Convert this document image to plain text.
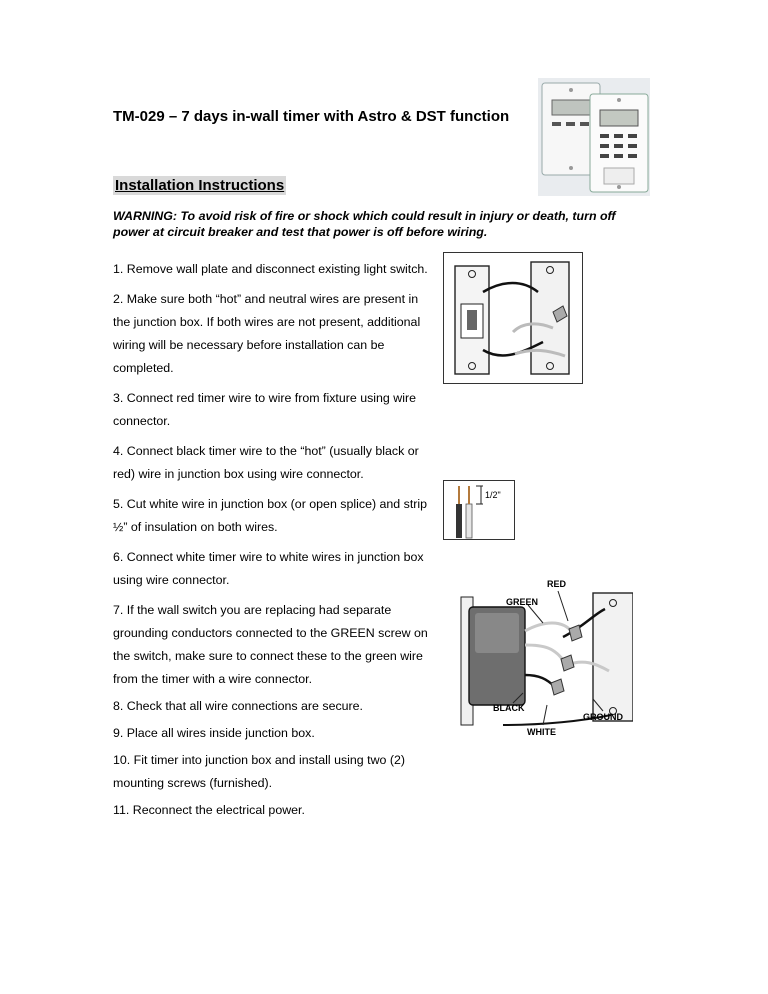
TM-029 – 7 days in-wall timer with Astro & DST function
Installation Instructions
WARNING: To avoid risk of fire or shock which could result in injury or death, turn off power at circuit breaker and test that power is off before wiring.
1. Remove wall plate and disconnect existing light switch.
2. Make sure both “hot” and neutral wires are present in the junction box. If both wires are not present, additional wiring will be necessary before installation can be completed.
3. Connect red timer wire to wire from fixture using wire connector.
4. Connect black timer wire to the “hot” (usually black or red) wire in junction box using wire connector.
5. Cut white wire in junction box (or open splice) and strip ½” of insulation on both wires.
6. Connect white timer wire to white wires in junction box using wire connector.
7. If the wall switch you are replacing had separate grounding conductors connected to the GREEN screw on the switch, make sure to connect these to the green wire from the timer with a wire connector.
8. Check that all wire connections are secure.
9. Place all wires inside junction box.
10. Fit timer into junction box and install using two (2) mounting screws (furnished).
11. Reconnect the electrical power.
1/2"
RED
GREEN
BLACK
WHITE
GROUND
